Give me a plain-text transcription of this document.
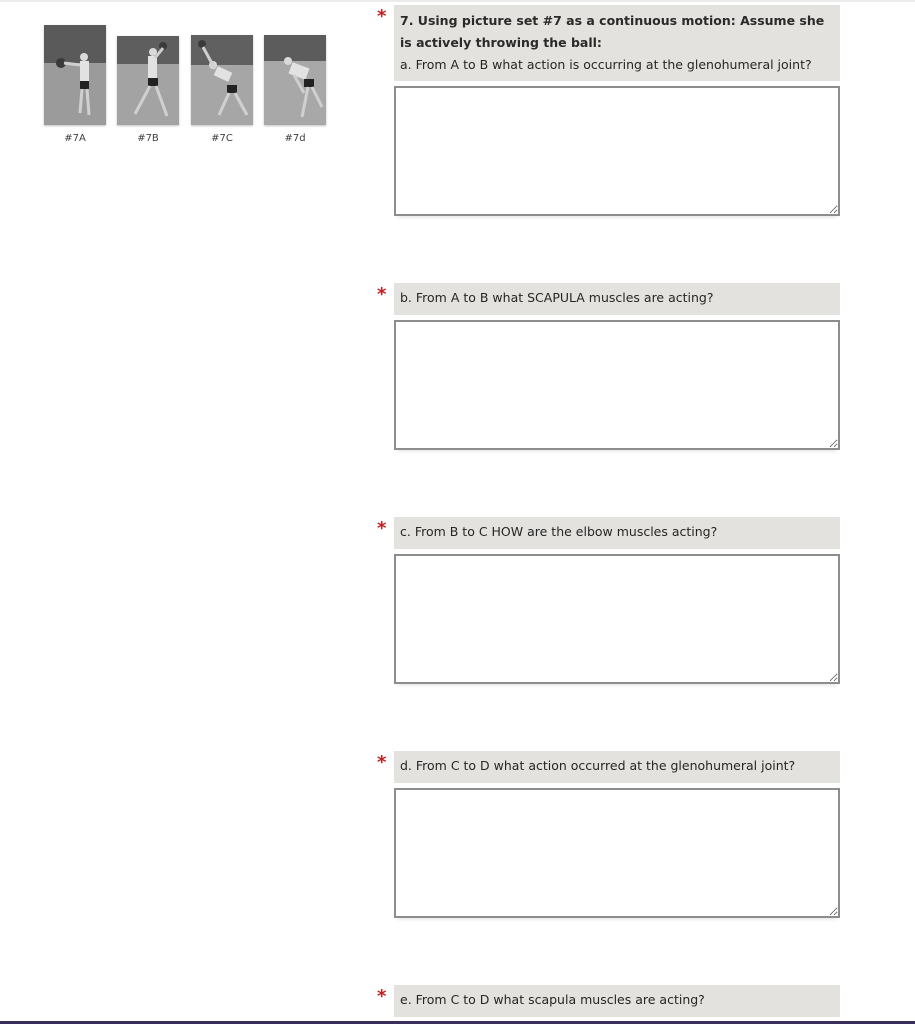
#7A	#7B	#7C	#7d
* 7. Using picture set #7 as a continuous motion: Assume she is actively throwing the ball:
a. From A to B what action is occurring at the glenohumeral joint?
* b. From A to B what SCAPULA muscles are acting?
* c. From B to C HOW are the elbow muscles acting?
* d. From C to D what action occurred at the glenohumeral joint?
* e. From C to D what scapula muscles are acting?
